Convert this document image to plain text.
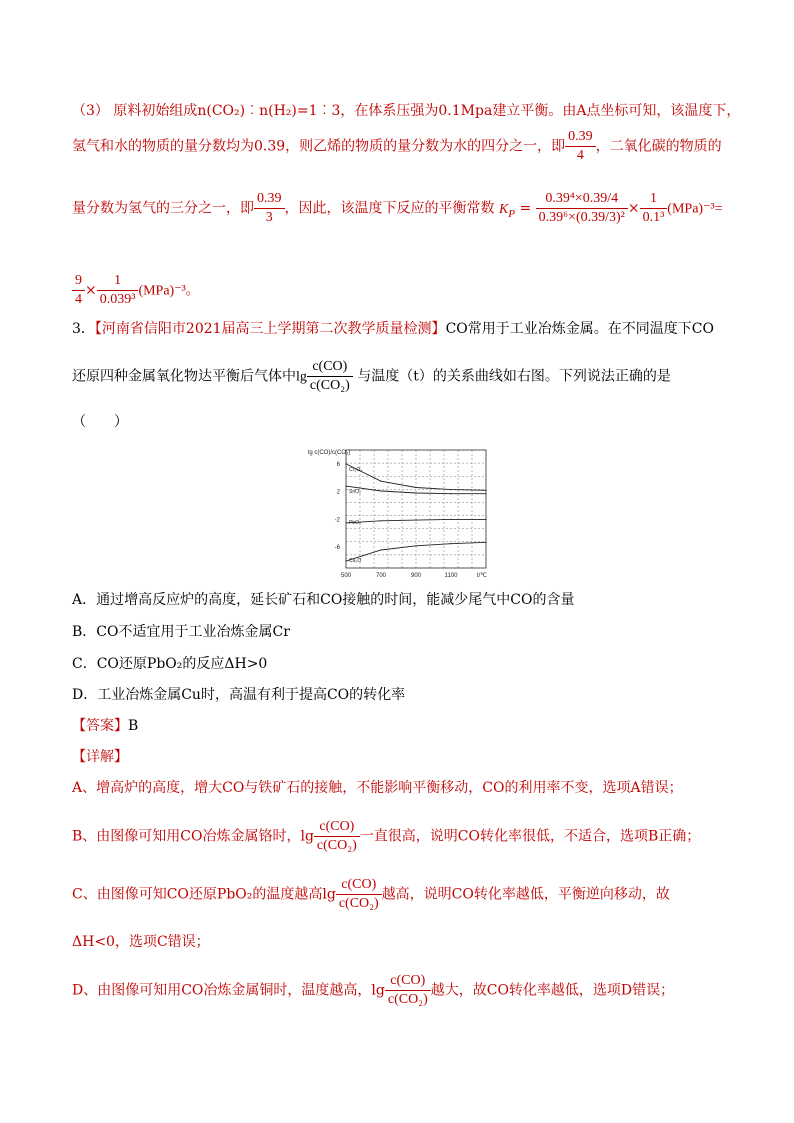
（3） 原料初始组成n(CO₂)︰n(H₂)=1︰3，在体系压强为0.1Mpa建立平衡。由A点坐标可知，该温度下，
氢气和水的物质的量分数均为0.39，则乙烯的物质的量分数为水的四分之一，即 $\frac{0.39}{4}$ ，二氧化碳的物质的
量分数为氢气的三分之一，即 $\frac{0.39}{3}$ ，因此，该温度下反应的平衡常数 $K_P = \frac{\text{0.39⁴×0.39/4}}{\text{0.39⁶×(0.39/3)²}} \times \frac{1}{\text{0.1³}} (MPa)^{-3}=$
$\frac{9}{4} \times \frac{1}{\text{0.039³}} (MPa)^{-3}$。
3．【河南省信阳市2021届高三上学期第二次教学质量检测】CO常用于工业冶炼金属。在不同温度下CO
还原四种金属氧化物达平衡后气体中$\lg \frac{c(CO)}{\text{c(CO₂)}}$ 与温度（t）的关系曲线如右图。下列说法正确的是
（　　）
lg c(CO)/c(CO₂)
6
2
-2
-6
500	700	900	1100	t/℃
Cr₂O₃
SnO₂
PbO₂
Cu₂O
A．通过增高反应炉的高度，延长矿石和CO接触的时间，能减少尾气中CO的含量
B．CO不适宜用于工业冶炼金属Cr
C．CO还原PbO₂的反应ΔH>0
D．工业冶炼金属Cu时，高温有利于提高CO的转化率
【答案】B
【详解】
A、增高炉的高度，增大CO与铁矿石的接触，不能影响平衡移动，CO的利用率不变，选项A错误；
B、由图像可知用CO冶炼金属铬时，$\lg \frac{c(CO)}{\text{c(CO₂)}}$ 一直很高，说明CO转化率很低，不适合，选项B正确；
C、由图像可知CO还原PbO₂的温度越高$\lg \frac{c(CO)}{\text{c(CO₂)}}$ 越高，说明CO转化率越低，平衡逆向移动，故
ΔH<0，选项C错误；
D、由图像可知用CO冶炼金属铜时，温度越高，$\lg \frac{c(CO)}{\text{c(CO₂)}}$ 越大，故CO转化率越低，选项D错误；
